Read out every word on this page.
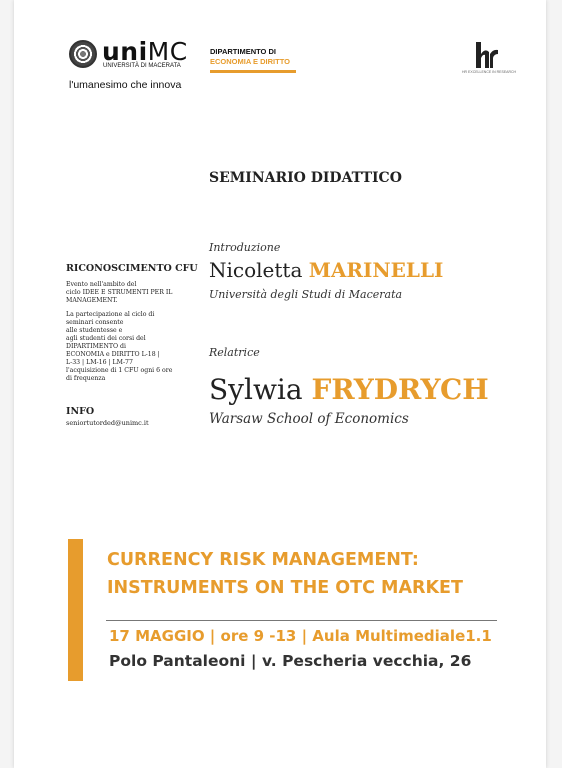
uniMC
UNIVERSITÀ DI MACERATA
l'umanesimo che innova
DIPARTIMENTO DI
ECONOMIA E DIRITTO
HR EXCELLENCE IN RESEARCH
SEMINARIO DIDATTICO
RICONOSCIMENTO CFU

Evento nell'ambito del
ciclo IDEE E STRUMENTI PER IL
MANAGEMENT.

La partecipazione al ciclo di
seminari consente
alle studentesse e
agli studenti dei corsi del
DIPARTIMENTO di
ECONOMIA e DIRITTO L-18 |
L-33 | LM-16 | LM-77
l'acquisizione di 1 CFU ogni 6 ore
di frequenza

INFO
seniortutorded@unimc.it
Introduzione
Nicoletta MARINELLI
Università degli Studi di Macerata
Relatrice
Sylwia FRYDRYCH
Warsaw School of Economics
CURRENCY RISK MANAGEMENT:
INSTRUMENTS ON THE OTC MARKET
17 MAGGIO | ore 9 -13 | Aula Multimediale1.1
Polo Pantaleoni | v. Pescheria vecchia, 26
